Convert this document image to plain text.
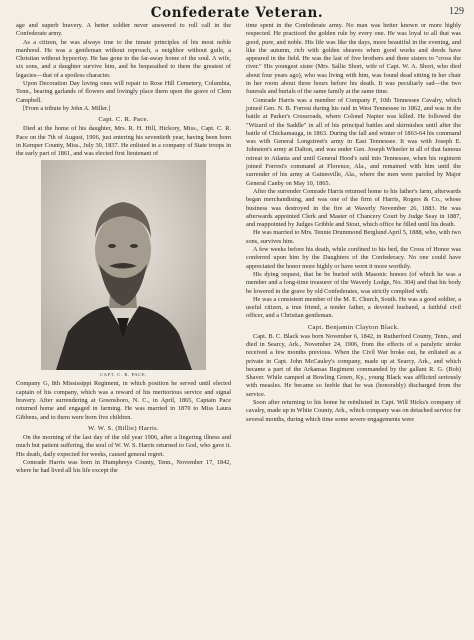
Confederate Veteran.	129

age and superb bravery. A better soldier never answered to roll call in the Confederate army.

As a citizen, he was always true to the innate principles of his most noble manhood. He was a gentleman without reproach, a neighbor without guile, a Christian without hypocrisy. He has gone to the far-away home of the soul. A wife, six sons, and a daughter survive him, and he bequeathed to them the greatest of legacies—that of a spotless character.

Upon Decoration Day loving ones will repair to Rose Hill Cemetery, Columbia, Tenn., bearing garlands of flowers and lovingly place them upon the grave of Clem Campbell.

[From a tribute by John A. Miller.]

Capt. C. R. Pace.

Died at the home of his daughter, Mrs. R. H. Hill, Hickory, Miss., Capt. C. R. Pace on the 7th of August, 1906, just entering his seventieth year, having been born in Kemper County, Miss., July 30, 1837. He enlisted in a company of State troops in the early part of 1861, and was elected first lieutenant of

CAPT. C. R. PACE.

Company G, 8th Mississippi Regiment, in which position he served until elected captain of his company, which was a reward of his meritorious service and signal bravery. After surrendering at Greensboro, N. C., in April, 1865, Captain Pace returned home and engaged in farming. He was married in 1870 to Miss Laura Gibbens, and to them were born five children.

W. W. S. (Billie) Harris.

On the morning of the last day of the old year 1906, after a lingering illness and much but patient suffering, the soul of W. W. S. Harris returned to God, who gave it. His death, daily expected for weeks, caused general regret.

Comrade Harris was born in Humphreys County, Tenn., November 17, 1842, where he had lived all his life except the

time spent in the Confederate army. No man was better known or more highly respected. He practiced the golden rule by every one. He was loyal to all that was good, pure, and noble. His life was like the days, more beautiful in the evening, and like the autumn, rich with golden sheaves when good works and deeds have appeared in the field. He was the last of five brothers and three sisters to "cross the river." His youngest sister (Mrs. Sallie Short, wife of Capt. W. A. Short, who died about four years ago), who was living with him, was found dead sitting in her chair in her room about three hours before his death. It was peculiarly sad—the two funerals and burials of the same family at the same time.

Comrade Harris was a member of Company F, 10th Tennessee Cavalry, which joined Gen. N. B. Forrest during his raid in West Tennessee in 1862, and was in the battle at Parker's Crossroads, where Colonel Napier was killed. He followed the "Wizard of the Saddle" in all of his principal battles and skirmishes until after the battle of Chickamauga, in 1863. During the fall and winter of 1863-64 his command was with General Longstreet's army in East Tennessee. It was with Joseph E. Johnston's army at Dalton, and was under Gen. Joseph Wheeler in all of that famous retreat to Atlanta and until General Hood's raid into Tennessee, when his regiment joined Forrest's command at Florence, Ala., and remained with him until the surrender of his army at Gainesville, Ala., where the men were paroled by Major General Canby on May 10, 1865.

After the surrender Comrade Harris returned home to his father's farm, afterwards began merchandising, and was one of the firm of Harris, Rogers & Co., whose business was destroyed in the fire at Waverly November 26, 1883. He was afterwards appointed Clerk and Master of Chancery Court by Judge Seay in 1887, and reappointed by Judges Gribble and Stout, which office he filled until his death.

He was married to Mrs. Tennie Drummond Berglund April 5, 1888, who, with two sons, survives him.

A few weeks before his death, while confined to his bed, the Cross of Honor was conferred upon him by the Daughters of the Confederacy. No one could have appreciated the honor more highly or have worn it more worthily.

His dying request, that he be buried with Masonic honors (of which he was a member and a long-time treasurer of the Waverly Lodge, No. 304) and that his body be lowered in the grave by old Confederates, was strictly complied with.

He was a consistent member of the M. E. Church, South. He was a good soldier, a useful citizen, a true friend, a tender father, a devoted husband, a faithful civil officer, and a Christian gentleman.

Capt. Benjamin Clayton Black.

Capt. B. C. Black was born November 6, 1842, in Rutherford County, Tenn., and died in Searcy, Ark., November 24, 1906, from the effects of a paralytic stroke received a few months previous. When the Civil War broke out, he enlisted as a private in Capt. John McCauley's company, made up at Searcy, Ark., and which became a part of the Arkansas Regiment commanded by the gallant R. G. (Bob) Shaver. While camped at Bowling Green, Ky., young Black was afflicted seriously with measles. He became so feeble that he was (honorably) discharged from the service.

Soon after returning to his home he reënlisted in Capt. Will Hicks's company of cavalry, made up in White County, Ark., which company was on detached service for several months, during which time some severe engagements were
